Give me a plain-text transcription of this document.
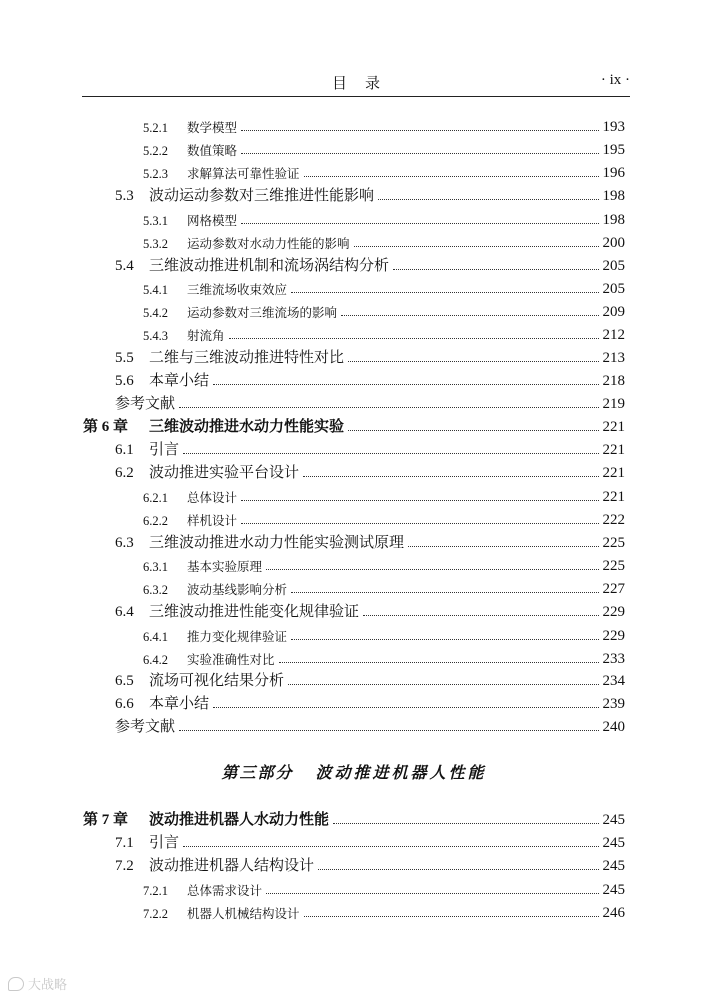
目录	· ix ·
5.2.1	数学模型	193
5.2.2	数值策略	195
5.2.3	求解算法可靠性验证	196
5.3	波动运动参数对三维推进性能影响	198
5.3.1	网格模型	198
5.3.2	运动参数对水动力性能的影响	200
5.4	三维波动推进机制和流场涡结构分析	205
5.4.1	三维流场收束效应	205
5.4.2	运动参数对三维流场的影响	209
5.4.3	射流角	212
5.5	二维与三维波动推进特性对比	213
5.6	本章小结	218
参考文献	219
第 6 章	三维波动推进水动力性能实验	221
6.1	引言	221
6.2	波动推进实验平台设计	221
6.2.1	总体设计	221
6.2.2	样机设计	222
6.3	三维波动推进水动力性能实验测试原理	225
6.3.1	基本实验原理	225
6.3.2	波动基线影响分析	227
6.4	三维波动推进性能变化规律验证	229
6.4.1	推力变化规律验证	229
6.4.2	实验准确性对比	233
6.5	流场可视化结果分析	234
6.6	本章小结	239
参考文献	240
第 7 章	波动推进机器人水动力性能	245
7.1	引言	245
7.2	波动推进机器人结构设计	245
7.2.1	总体需求设计	245
7.2.2	机器人机械结构设计	246
第三部分 波动推进机器人性能
大战略
